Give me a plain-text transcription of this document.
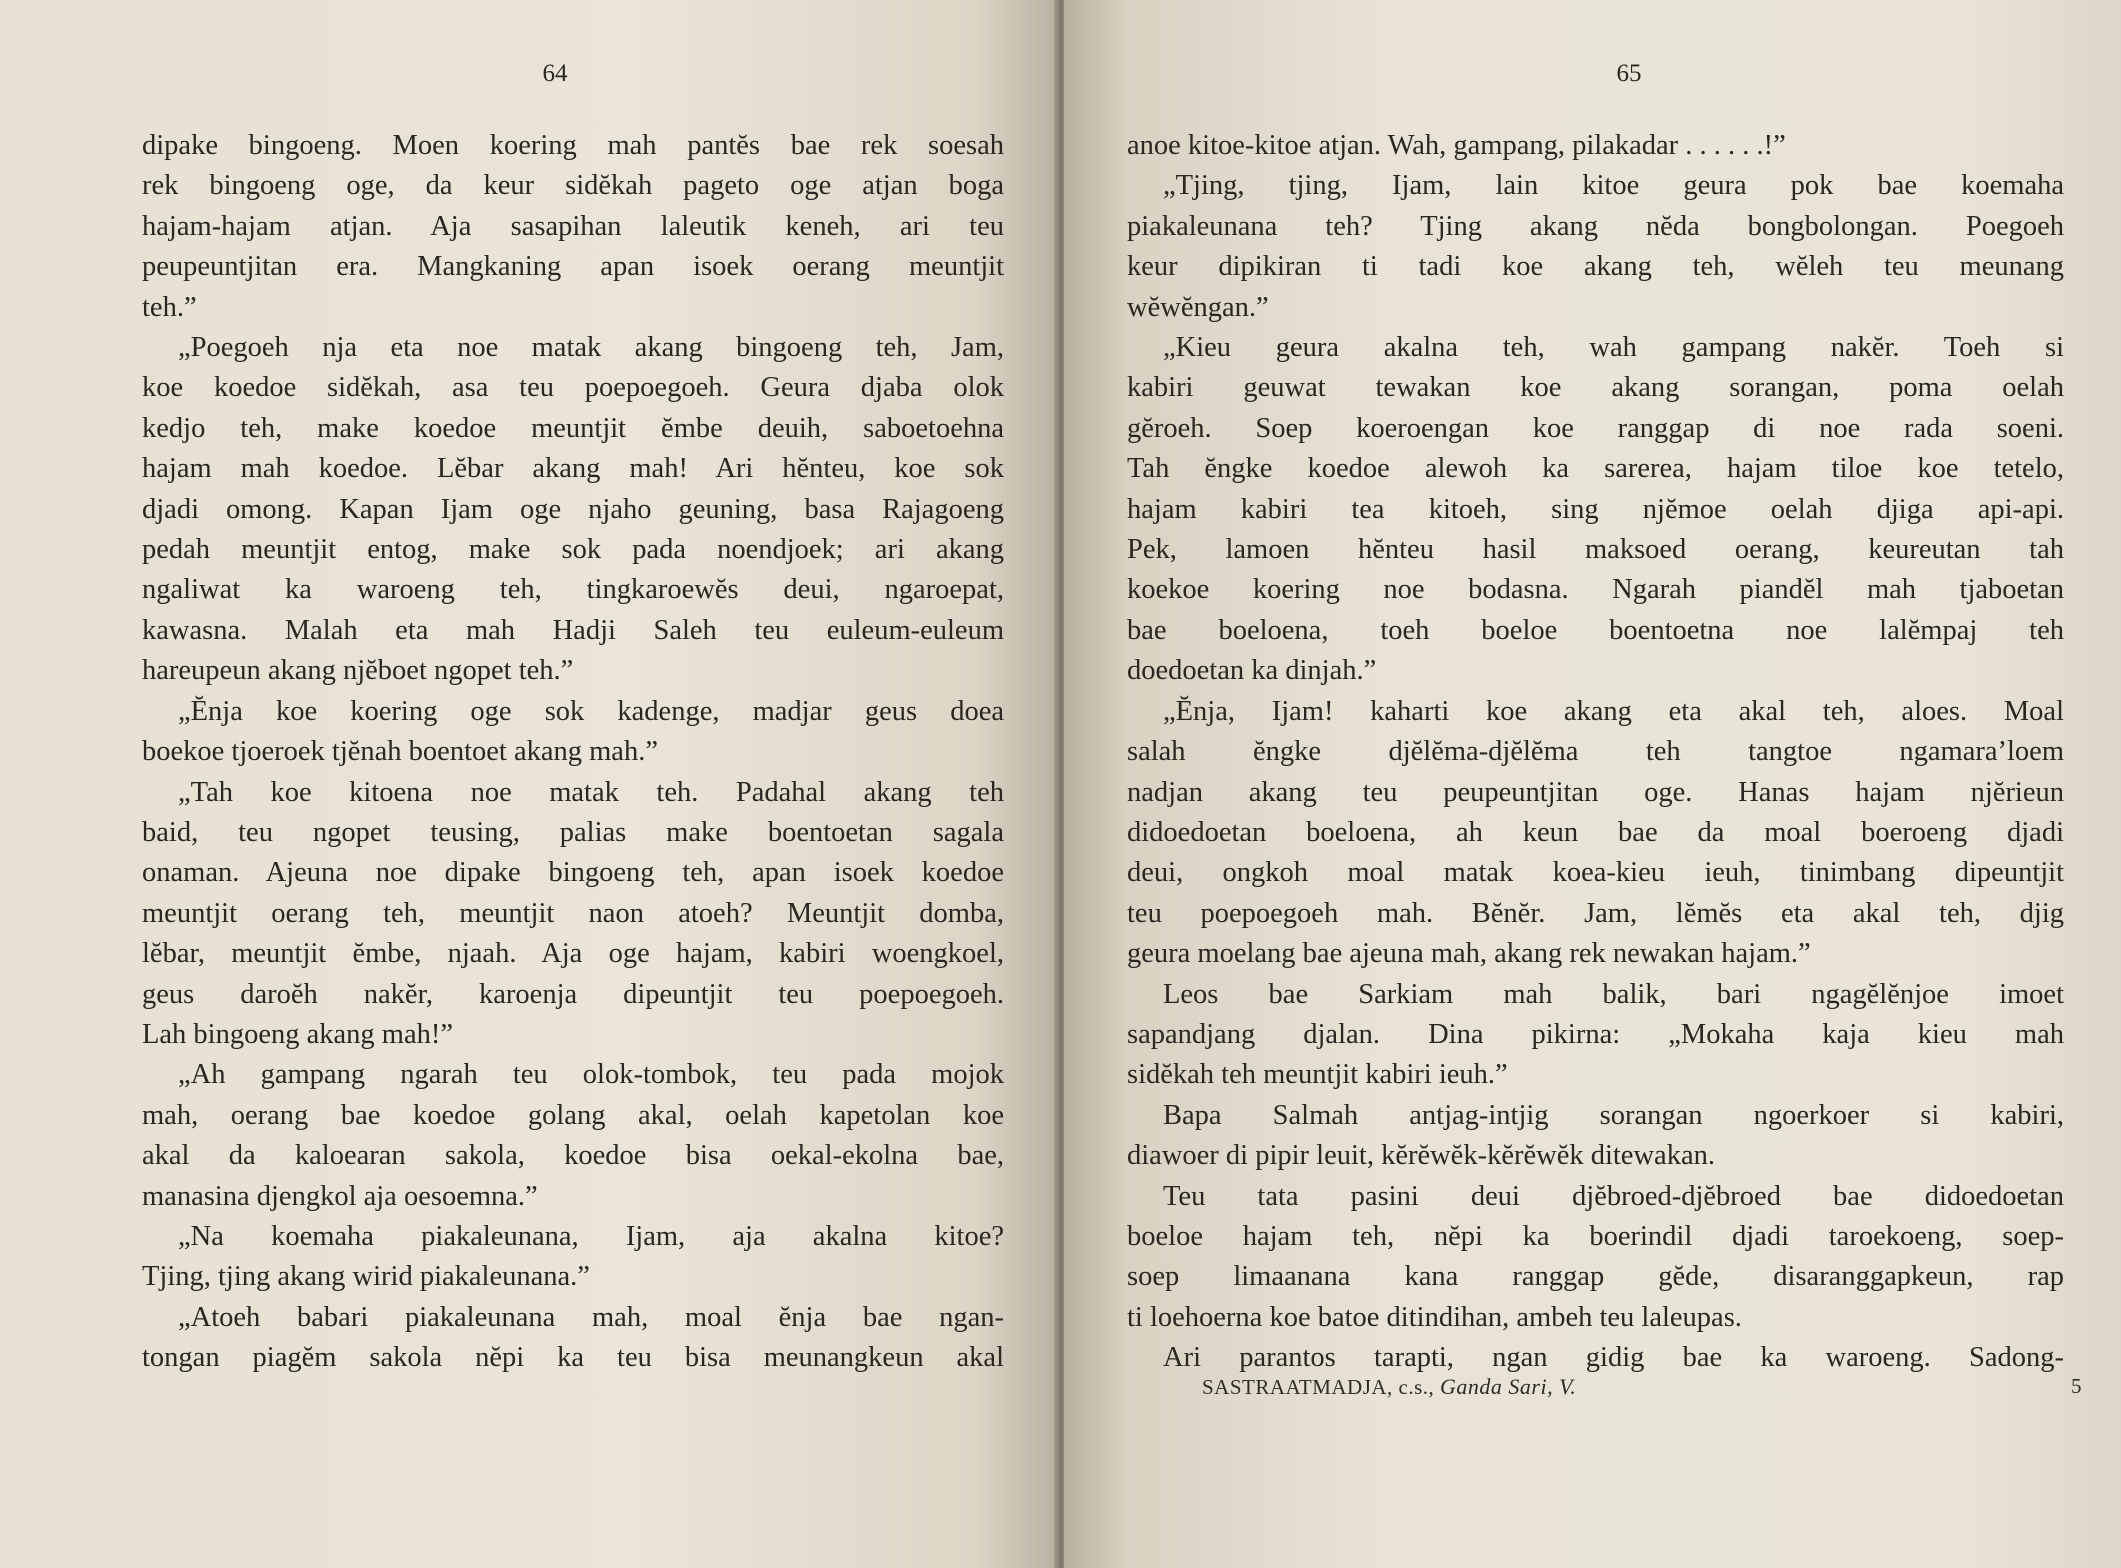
64
dipake bingoeng. Moen koering mah pantĕs bae rek soesah
rek bingoeng oge, da keur sidĕkah pageto oge atjan boga
hajam-hajam atjan. Aja sasapihan laleutik keneh, ari teu
peupeuntjitan era. Mangkaning apan isoek oerang meuntjit
teh.”
„Poegoeh nja eta noe matak akang bingoeng teh, Jam,
koe koedoe sidĕkah, asa teu poepoegoeh. Geura djaba olok
kedjo teh, make koedoe meuntjit ĕmbe deuih, saboetoehna
hajam mah koedoe. Lĕbar akang mah! Ari hĕnteu, koe sok
djadi omong. Kapan Ijam oge njaho geuning, basa Rajagoeng
pedah meuntjit entog, make sok pada noendjoek; ari akang
ngaliwat ka waroeng teh, tingkaroewĕs deui, ngaroepat,
kawasna. Malah eta mah Hadji Saleh teu euleum-euleum
hareupeun akang njĕboet ngopet teh.”
„Ĕnja koe koering oge sok kadenge, madjar geus doea
boekoe tjoeroek tjĕnah boentoet akang mah.”
„Tah koe kitoena noe matak teh. Padahal akang teh
baid, teu ngopet teusing, palias make boentoetan sagala
onaman. Ajeuna noe dipake bingoeng teh, apan isoek koedoe
meuntjit oerang teh, meuntjit naon atoeh? Meuntjit domba,
lĕbar, meuntjit ĕmbe, njaah. Aja oge hajam, kabiri woengkoel,
geus daroĕh nakĕr, karoenja dipeuntjit teu poepoegoeh.
Lah bingoeng akang mah!”
„Ah gampang ngarah teu olok-tombok, teu pada mojok
mah, oerang bae koedoe golang akal, oelah kapetolan koe
akal da kaloearan sakola, koedoe bisa oekal-ekolna bae,
manasina djengkol aja oesoemna.”
„Na koemaha piakaleunana, Ijam, aja akalna kitoe?
Tjing, tjing akang wirid piakaleunana.”
„Atoeh babari piakaleunana mah, moal ĕnja bae ngan-
tongan piagĕm sakola nĕpi ka teu bisa meunangkeun akal
65
anoe kitoe-kitoe atjan. Wah, gampang, pilakadar . . . . . .!”
„Tjing, tjing, Ijam, lain kitoe geura pok bae koemaha
piakaleunana teh? Tjing akang nĕda bongbolongan. Poegoeh
keur dipikiran ti tadi koe akang teh, wĕleh teu meunang
wĕwĕngan.”
„Kieu geura akalna teh, wah gampang nakĕr. Toeh si
kabiri geuwat tewakan koe akang sorangan, poma oelah
gĕroeh. Soep koeroengan koe ranggap di noe rada soeni.
Tah ĕngke koedoe alewoh ka sarerea, hajam tiloe koe tetelo,
hajam kabiri tea kitoeh, sing njĕmoe oelah djiga api-api.
Pek, lamoen hĕnteu hasil maksoed oerang, keureutan tah
koekoe koering noe bodasna. Ngarah piandĕl mah tjaboetan
bae boeloena, toeh boeloe boentoetna noe lalĕmpaj teh
doedoetan ka dinjah.”
„Ĕnja, Ijam! kaharti koe akang eta akal teh, aloes. Moal
salah ĕngke djĕlĕma-djĕlĕma teh tangtoe ngamara’loem
nadjan akang teu peupeuntjitan oge. Hanas hajam njĕrieun
didoedoetan boeloena, ah keun bae da moal boeroeng djadi
deui, ongkoh moal matak koea-kieu ieuh, tinimbang dipeuntjit
teu poepoegoeh mah. Bĕnĕr. Jam, lĕmĕs eta akal teh, djig
geura moelang bae ajeuna mah, akang rek newakan hajam.”
Leos bae Sarkiam mah balik, bari ngagĕlĕnjoe imoet
sapandjang djalan. Dina pikirna: „Mokaha kaja kieu mah
sidĕkah teh meuntjit kabiri ieuh.”
Bapa Salmah antjag-intjig sorangan ngoerkoer si kabiri,
diawoer di pipir leuit, kĕrĕwĕk-kĕrĕwĕk ditewakan.
Teu tata pasini deui djĕbroed-djĕbroed bae didoedoetan
boeloe hajam teh, nĕpi ka boerindil djadi taroekoeng, soep-
soep limaanana kana ranggap gĕde, disaranggapkeun, rap
ti loehoerna koe batoe ditindihan, ambeh teu laleupas.
Ari parantos tarapti, ngan gidig bae ka waroeng. Sadong-
SASTRAATMADJA, c.s., Ganda Sari, V.	5
